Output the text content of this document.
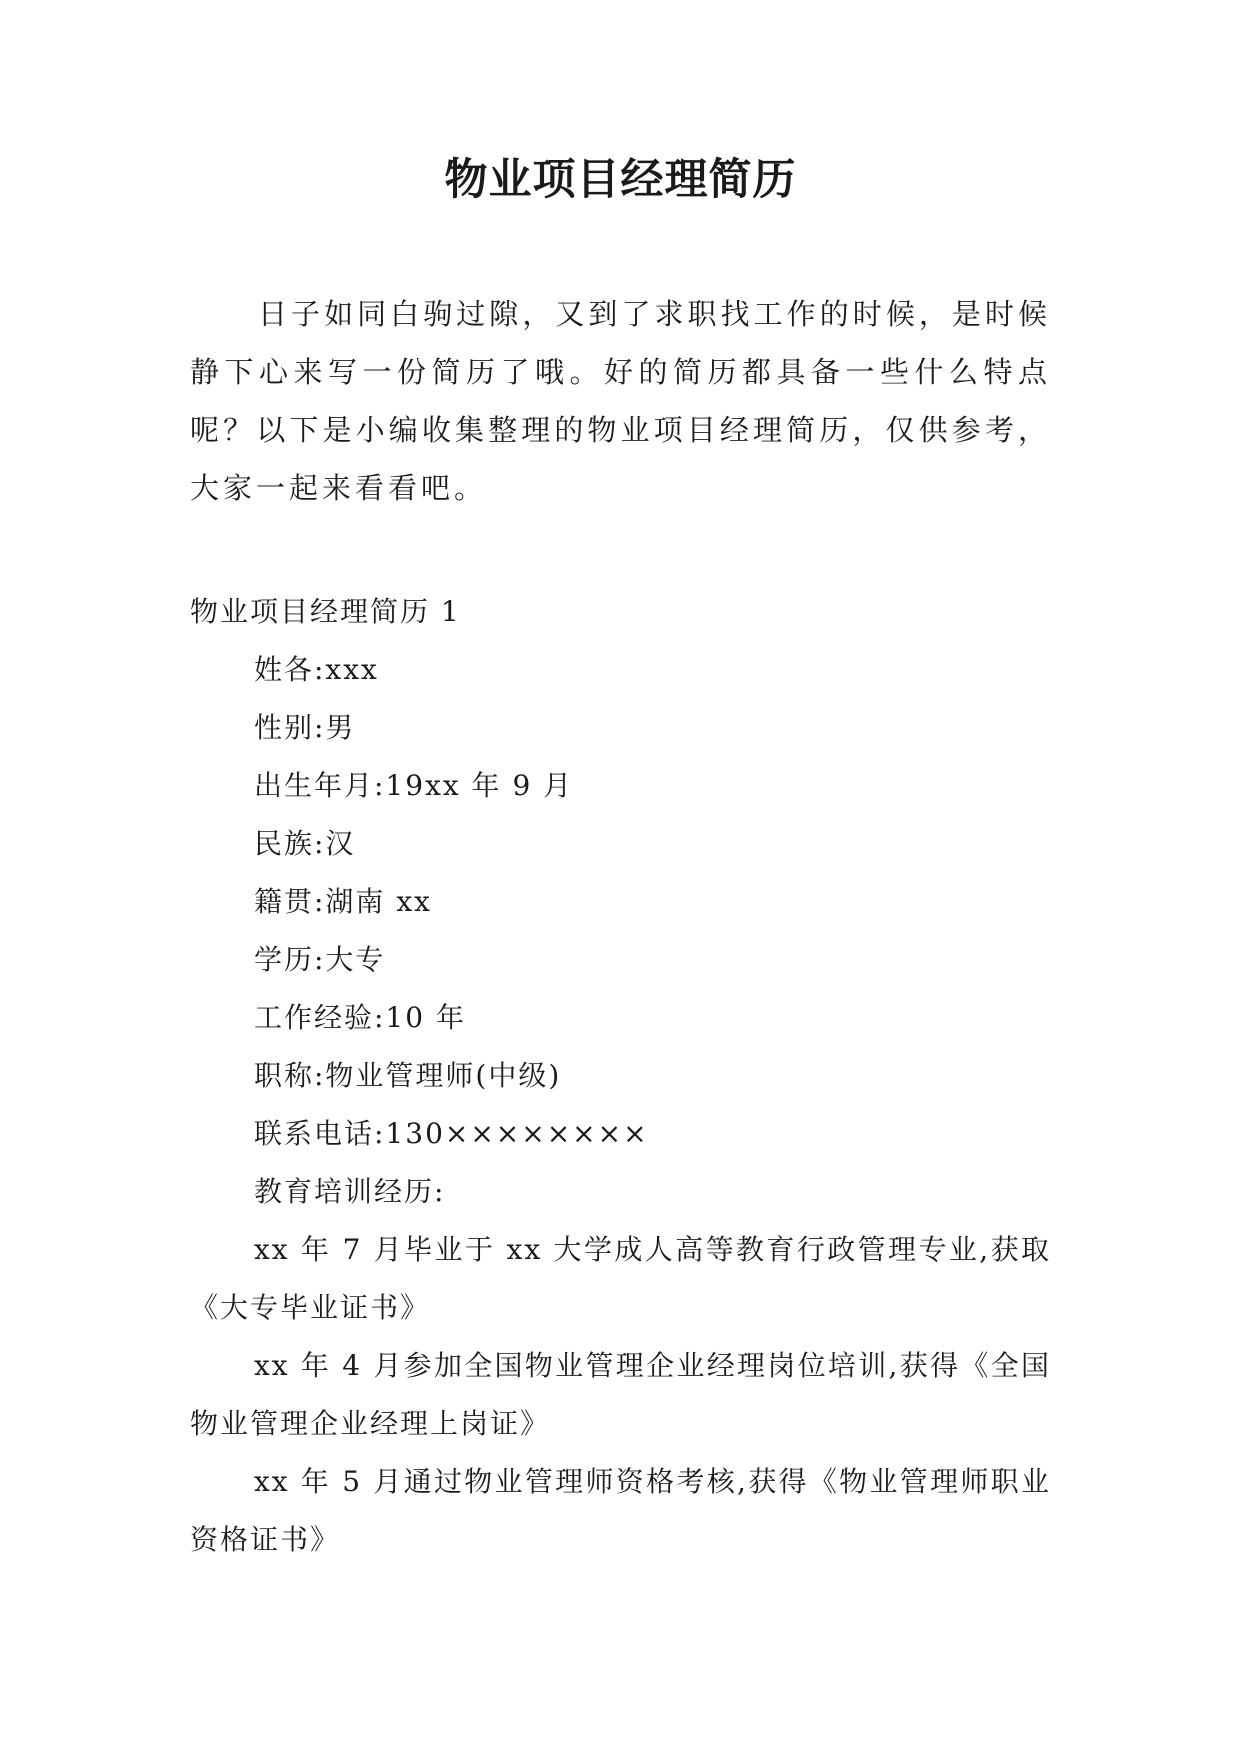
物业项目经理简历

日子如同白驹过隙，又到了求职找工作的时候，是时候静下心来写一份简历了哦。好的简历都具备一些什么特点呢？以下是小编收集整理的物业项目经理简历，仅供参考，大家一起来看看吧。

物业项目经理简历 1

姓各:xxx

性别:男

出生年月:19xx 年 9 月

民族:汉

籍贯:湖南 xx

学历:大专

工作经验:10 年

职称:物业管理师(中级)

联系电话:130××××××××

教育培训经历:

xx 年 7 月毕业于 xx 大学成人高等教育行政管理专业,获取《大专毕业证书》

xx 年 4 月参加全国物业管理企业经理岗位培训,获得《全国物业管理企业经理上岗证》

xx 年 5 月通过物业管理师资格考核,获得《物业管理师职业资格证书》
